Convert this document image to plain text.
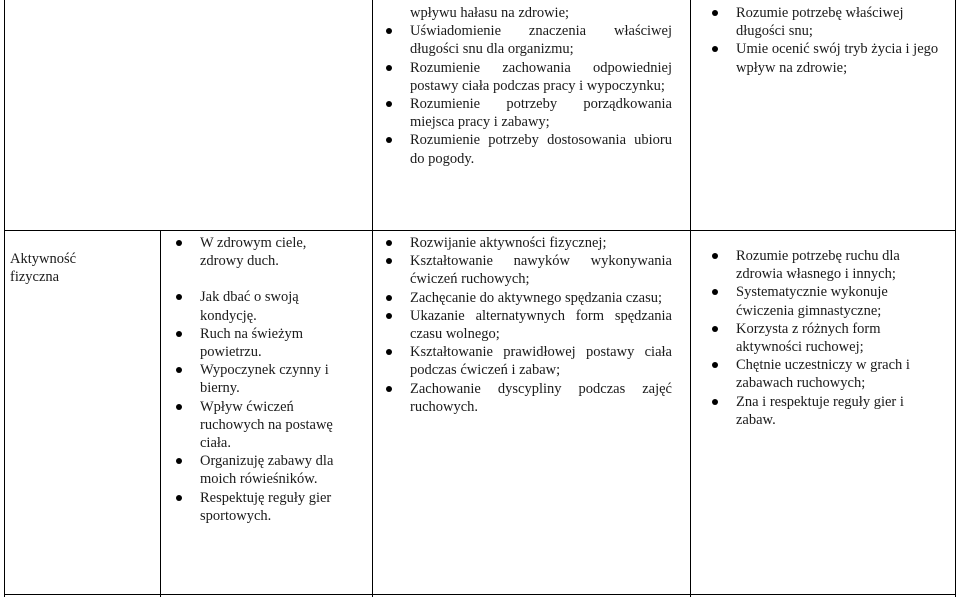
wpływu hałasu na zdrowie;
Uświadomienie znaczenia właściwej długości snu dla organizmu;
Rozumienie zachowania odpowiedniej postawy ciała podczas pracy i wypoczynku;
Rozumienie potrzeby porządkowania miejsca pracy i zabawy;
Rozumienie potrzeby dostosowania ubioru do pogody.
Rozumie potrzebę właściwej długości snu;
Umie ocenić swój tryb życia i jego wpływ na zdrowie;
Aktywność fizyczna
W zdrowym ciele, zdrowy duch.
Jak dbać o swoją kondycję.
Ruch na świeżym powietrzu.
Wypoczynek czynny i bierny.
Wpływ ćwiczeń ruchowych na postawę ciała.
Organizuję zabawy dla moich rówieśników.
Respektuję reguły gier sportowych.
Rozwijanie aktywności fizycznej;
Kształtowanie nawyków wykonywania ćwiczeń ruchowych;
Zachęcanie do aktywnego spędzania czasu;
Ukazanie alternatywnych form spędzania czasu wolnego;
Kształtowanie prawidłowej postawy ciała podczas ćwiczeń i zabaw;
Zachowanie dyscypliny podczas zajęć ruchowych.
Rozumie potrzebę ruchu dla zdrowia własnego i innych;
Systematycznie wykonuje ćwiczenia gimnastyczne;
Korzysta z różnych form aktywności ruchowej;
Chętnie uczestniczy w grach i zabawach ruchowych;
Zna i respektuje reguły gier i zabaw.
